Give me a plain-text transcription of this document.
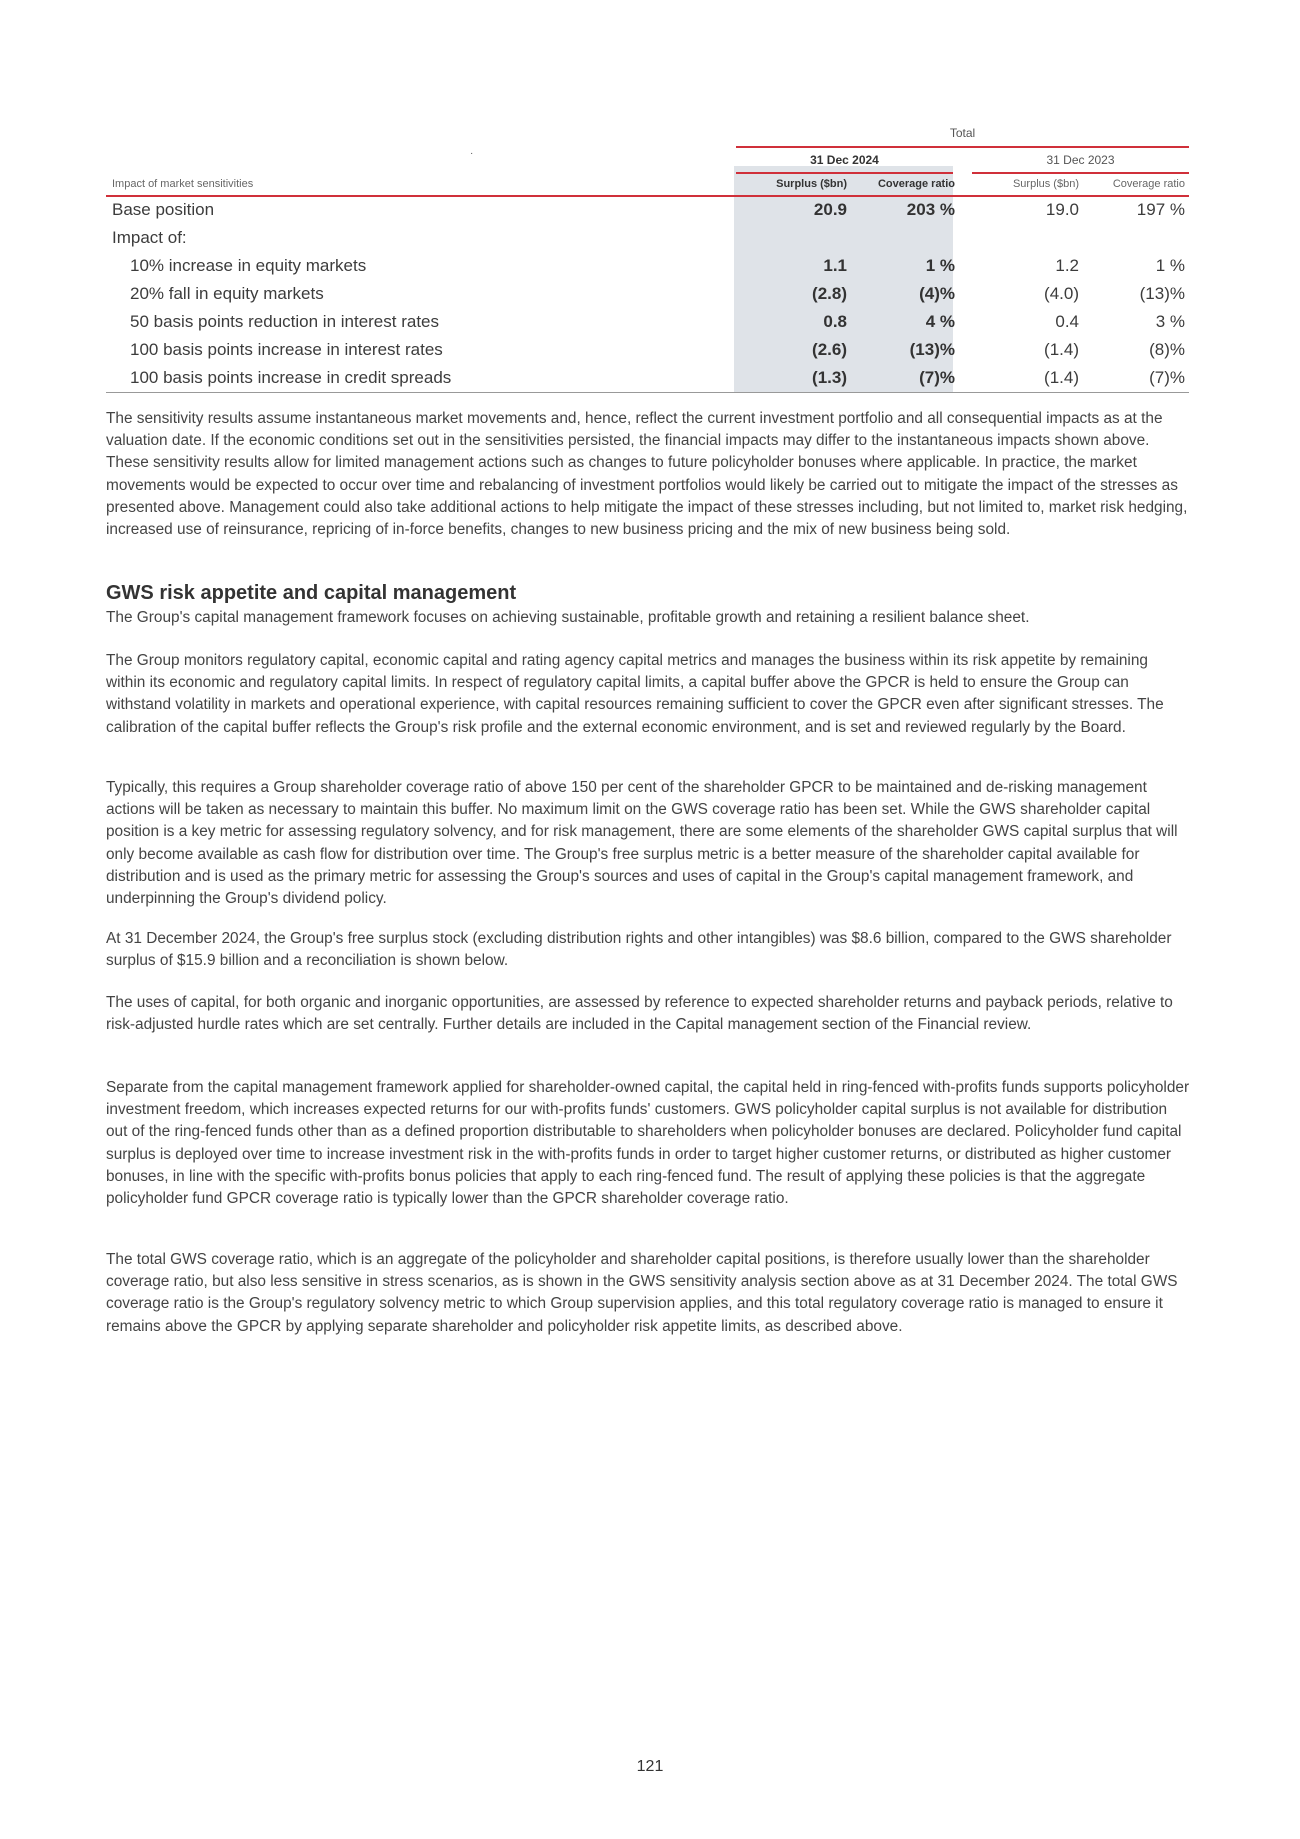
·
Total
31 Dec 2024	31 Dec 2023
Impact of market sensitivities	Surplus ($bn)	Coverage ratio	Surplus ($bn)	Coverage ratio
Base position	20.9	203 %	19.0	197 %
Impact of:
10% increase in equity markets	1.1	1 %	1.2	1 %
20% fall in equity markets	(2.8)	(4)%	(4.0)	(13)%
50 basis points reduction in interest rates	0.8	4 %	0.4	3 %
100 basis points increase in interest rates	(2.6)	(13)%	(1.4)	(8)%
100 basis points increase in credit spreads	(1.3)	(7)%	(1.4)	(7)%

The sensitivity results assume instantaneous market movements and, hence, reflect the current investment portfolio and all consequential impacts as at the valuation date. If the economic conditions set out in the sensitivities persisted, the financial impacts may differ to the instantaneous impacts shown above. These sensitivity results allow for limited management actions such as changes to future policyholder bonuses where applicable. In practice, the market movements would be expected to occur over time and rebalancing of investment portfolios would likely be carried out to mitigate the impact of the stresses as presented above. Management could also take additional actions to help mitigate the impact of these stresses including, but not limited to, market risk hedging, increased use of reinsurance, repricing of in-force benefits, changes to new business pricing and the mix of new business being sold.

GWS risk appetite and capital management

The Group's capital management framework focuses on achieving sustainable, profitable growth and retaining a resilient balance sheet.

The Group monitors regulatory capital, economic capital and rating agency capital metrics and manages the business within its risk appetite by remaining within its economic and regulatory capital limits. In respect of regulatory capital limits, a capital buffer above the GPCR is held to ensure the Group can withstand volatility in markets and operational experience, with capital resources remaining sufficient to cover the GPCR even after significant stresses. The calibration of the capital buffer reflects the Group's risk profile and the external economic environment, and is set and reviewed regularly by the Board.

Typically, this requires a Group shareholder coverage ratio of above 150 per cent of the shareholder GPCR to be maintained and de-risking management actions will be taken as necessary to maintain this buffer. No maximum limit on the GWS coverage ratio has been set. While the GWS shareholder capital position is a key metric for assessing regulatory solvency, and for risk management, there are some elements of the shareholder GWS capital surplus that will only become available as cash flow for distribution over time. The Group's free surplus metric is a better measure of the shareholder capital available for distribution and is used as the primary metric for assessing the Group's sources and uses of capital in the Group's capital management framework, and underpinning the Group's dividend policy.

At 31 December 2024, the Group's free surplus stock (excluding distribution rights and other intangibles) was $8.6 billion, compared to the GWS shareholder surplus of $15.9 billion and a reconciliation is shown below.

The uses of capital, for both organic and inorganic opportunities, are assessed by reference to expected shareholder returns and payback periods, relative to risk-adjusted hurdle rates which are set centrally. Further details are included in the Capital management section of the Financial review.

Separate from the capital management framework applied for shareholder-owned capital, the capital held in ring-fenced with-profits funds supports policyholder investment freedom, which increases expected returns for our with-profits funds' customers. GWS policyholder capital surplus is not available for distribution out of the ring-fenced funds other than as a defined proportion distributable to shareholders when policyholder bonuses are declared. Policyholder fund capital surplus is deployed over time to increase investment risk in the with-profits funds in order to target higher customer returns, or distributed as higher customer bonuses, in line with the specific with-profits bonus policies that apply to each ring-fenced fund. The result of applying these policies is that the aggregate policyholder fund GPCR coverage ratio is typically lower than the GPCR shareholder coverage ratio.

The total GWS coverage ratio, which is an aggregate of the policyholder and shareholder capital positions, is therefore usually lower than the shareholder coverage ratio, but also less sensitive in stress scenarios, as is shown in the GWS sensitivity analysis section above as at 31 December 2024. The total GWS coverage ratio is the Group's regulatory solvency metric to which Group supervision applies, and this total regulatory coverage ratio is managed to ensure it remains above the GPCR by applying separate shareholder and policyholder risk appetite limits, as described above.

121
